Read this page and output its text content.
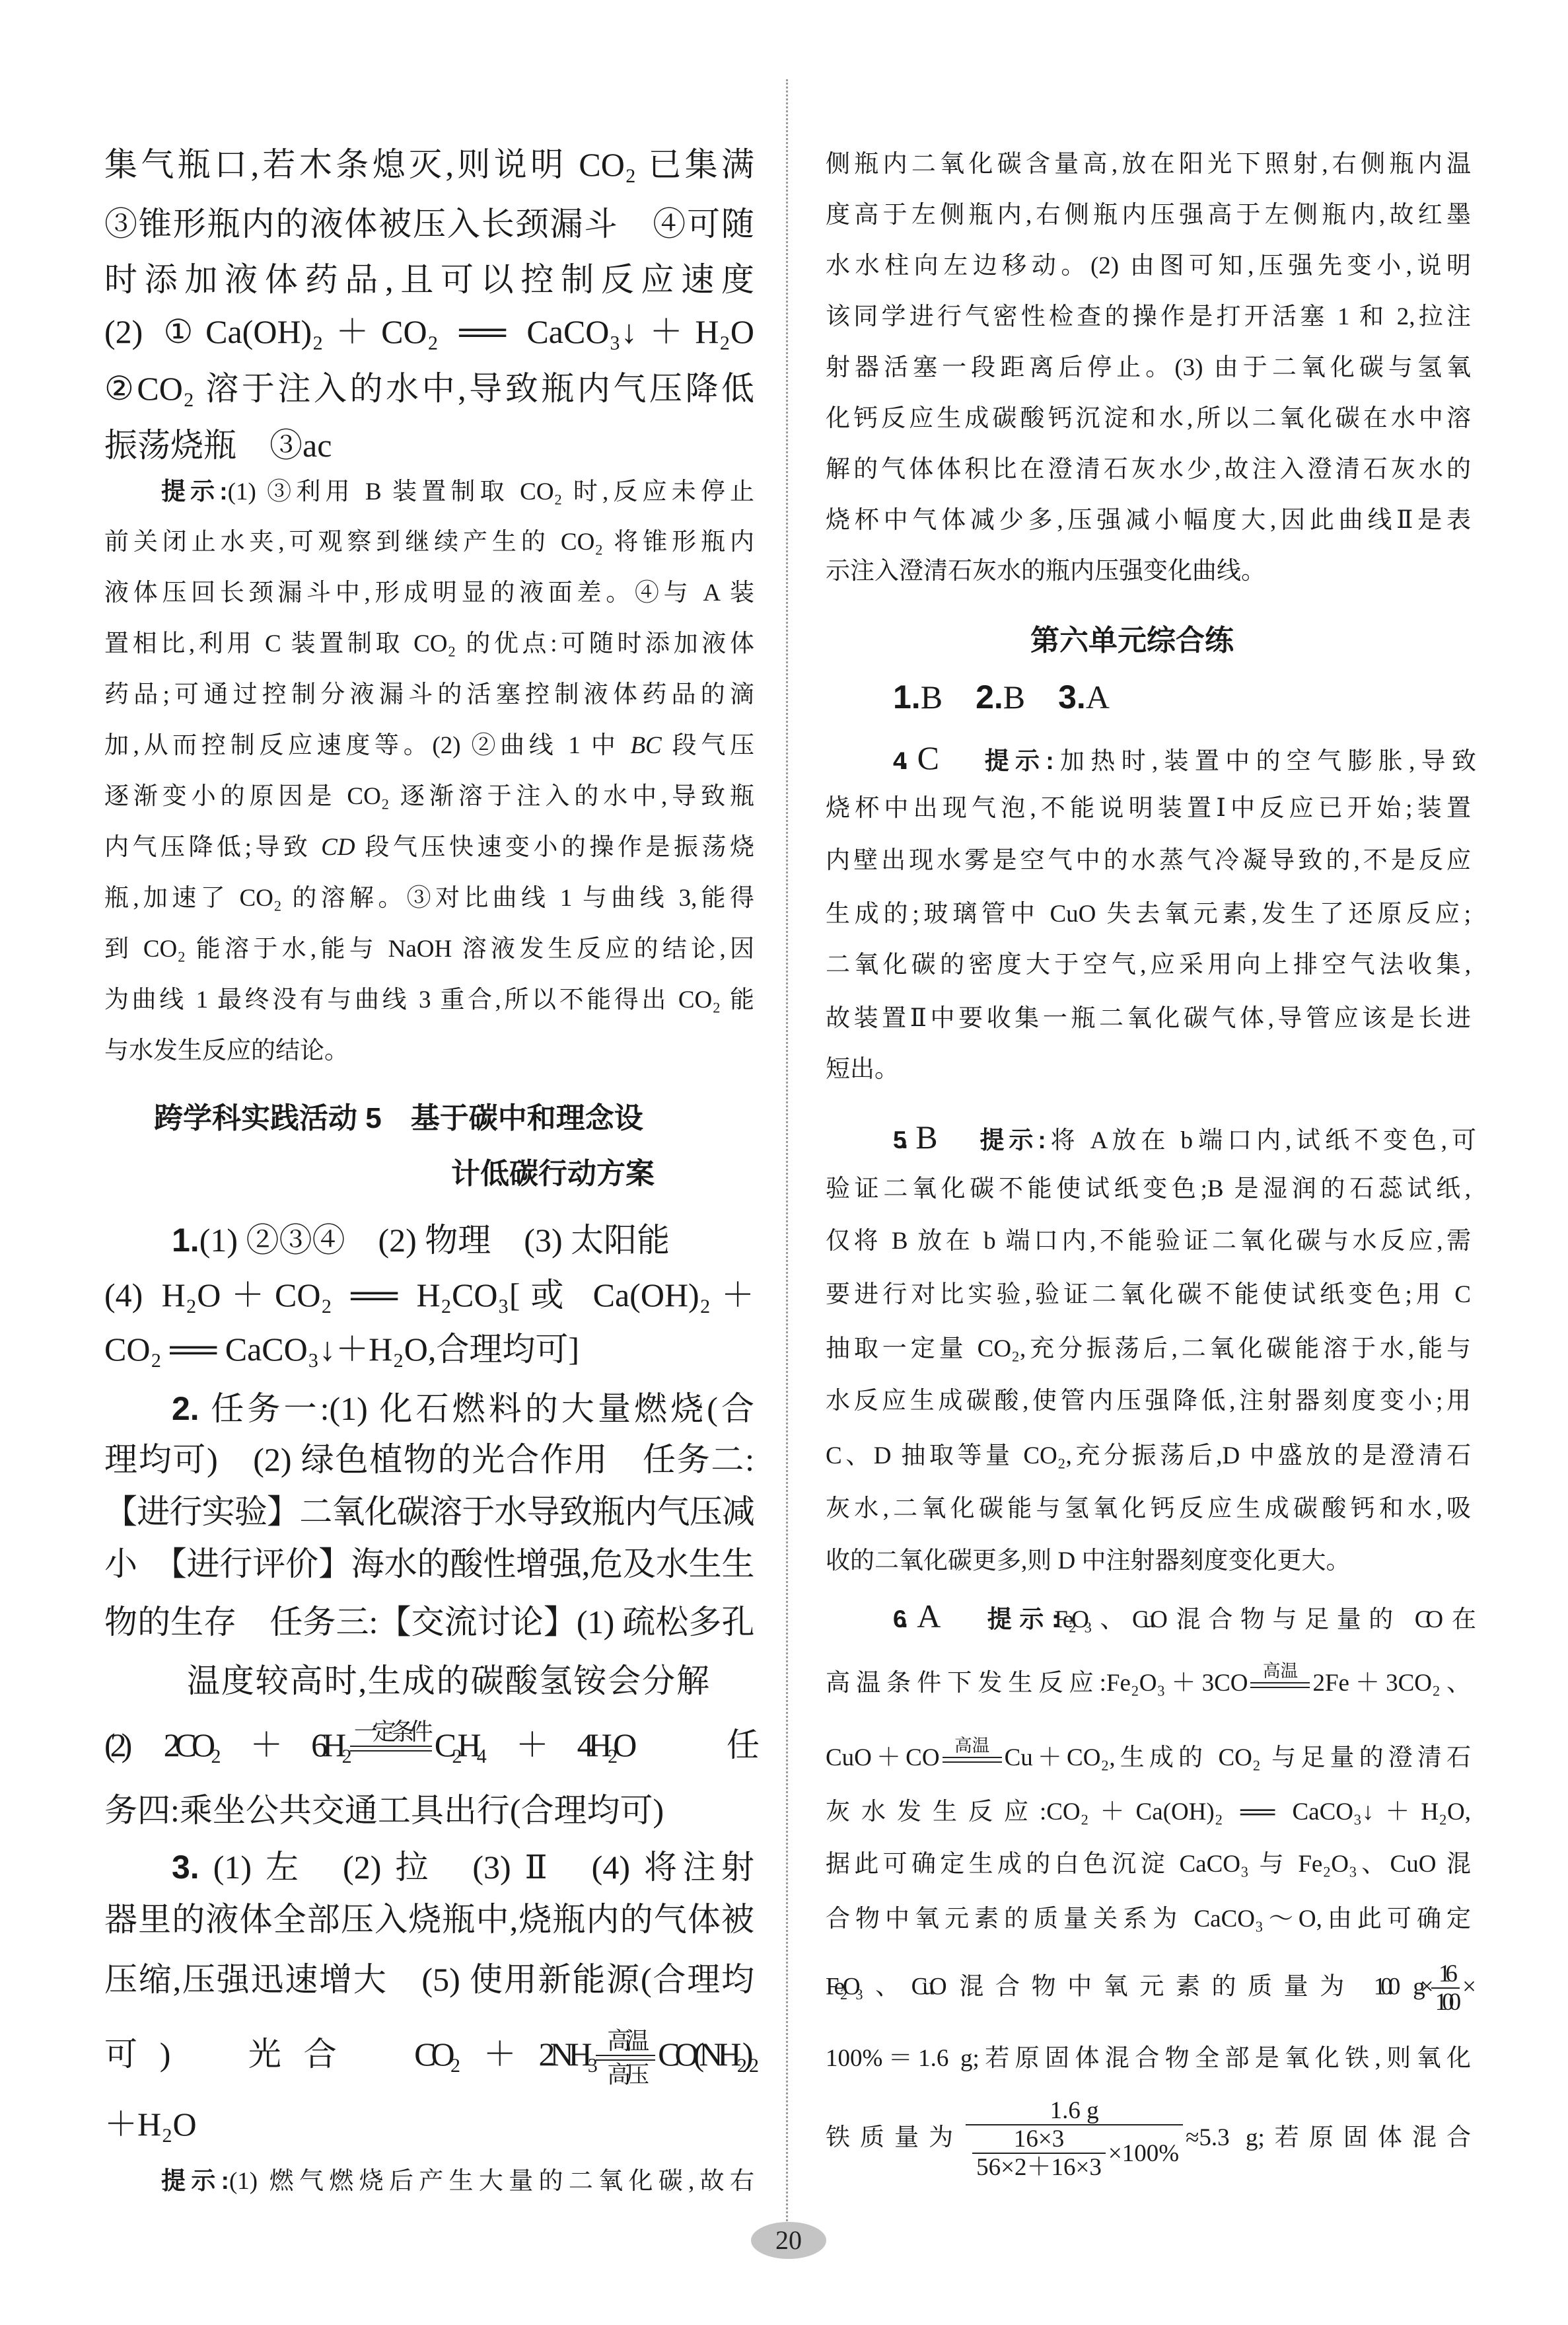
集气瓶口,若木条熄灭,则说明 CO₂ 已集满
③锥形瓶内的液体被压入长颈漏斗　④可随
时添加液体药品,且可以控制反应速度
(2) ①Ca(OH)₂＋CO₂ ══ CaCO₃↓＋H₂O
②CO₂ 溶于注入的水中,导致瓶内气压降低
振荡烧瓶　③ac
提示:(1) ③利用 B 装置制取 CO₂ 时,反应未停止
前关闭止水夹,可观察到继续产生的 CO₂ 将锥形瓶内
液体压回长颈漏斗中,形成明显的液面差。④与 A 装
置相比,利用 C 装置制取 CO₂ 的优点:可随时添加液体
药品;可通过控制分液漏斗的活塞控制液体药品的滴
加,从而控制反应速度等。(2) ②曲线 1 中 BC 段气压
逐渐变小的原因是 CO₂ 逐渐溶于注入的水中,导致瓶
内气压降低;导致 CD 段气压快速变小的操作是振荡烧
瓶,加速了 CO₂ 的溶解。③对比曲线 1 与曲线 3,能得
到 CO₂ 能溶于水,能与 NaOH 溶液发生反应的结论,因
为曲线 1 最终没有与曲线 3 重合,所以不能得出 CO₂ 能
与水发生反应的结论。
1. (1) ②③④　(2) 物理　(3) 太阳能
(4) H₂O＋CO₂ ══ H₂CO₃[或 Ca(OH)₂＋
CO₂ ══ CaCO₃↓＋H₂O,合理均可]
2. 任务一:(1) 化石燃料的大量燃烧(合
理均可)　(2) 绿色植物的光合作用　任务二:
【进行实验】二氧化碳溶于水导致瓶内气压减
小　【进行评价】海水的酸性增强,危及水生生
物的生存　任务三:【交流讨论】(1) 疏松多孔
温度较高时,生成的碳酸氢铵会分解
(2) 2CO₂＋6H₂ 一定条件
C₂H₄＋4H₂O　任
务四:乘坐公共交通工具出行(合理均可)
3. (1) 左　(2) 拉　(3) Ⅱ　(4) 将注射
器里的液体全部压入烧瓶中,烧瓶内的气体被
压缩,压强迅速增大　(5) 使用新能源(合理均
可)　光合　CO₂＋2NH₃ 高温
高压
CO(NH₂)₂
＋H₂O
提示:(1) 燃气燃烧后产生大量的二氧化碳,故右
侧瓶内二氧化碳含量高,放在阳光下照射,右侧瓶内温
度高于左侧瓶内,右侧瓶内压强高于左侧瓶内,故红墨
水水柱向左边移动。(2) 由图可知,压强先变小,说明
该同学进行气密性检查的操作是打开活塞 1 和 2,拉注
射器活塞一段距离后停止。(3) 由于二氧化碳与氢氧
化钙反应生成碳酸钙沉淀和水,所以二氧化碳在水中溶
解的气体体积比在澄清石灰水少,故注入澄清石灰水的
烧杯中气体减少多,压强减小幅度大,因此曲线Ⅱ是表
示注入澄清石灰水的瓶内压强变化曲线。
1. B　 2. B　 3. A
4. C　提示:加热时,装置中的空气膨胀,导致
烧杯中出现气泡,不能说明装置Ⅰ中反应已开始;装置
内壁出现水雾是空气中的水蒸气冷凝导致的,不是反应
生成的;玻璃管中 CuO 失去氧元素,发生了还原反应;
二氧化碳的密度大于空气,应采用向上排空气法收集,
故装置Ⅱ中要收集一瓶二氧化碳气体,导管应该是长进
短出。
5. B　提示:将 A 放在 b 端口内,试纸不变色,可
验证二氧化碳不能使试纸变色;B 是湿润的石蕊试纸,
仅将 B 放在 b 端口内,不能验证二氧化碳与水反应,需
要进行对比实验,验证二氧化碳不能使试纸变色;用 C
抽取一定量 CO₂,充分振荡后,二氧化碳能溶于水,能与
水反应生成碳酸,使管内压强降低,注射器刻度变小;用
C、D 抽取等量 CO₂,充分振荡后,D 中盛放的是澄清石
灰水,二氧化碳能与氢氧化钙反应生成碳酸钙和水,吸
收的二氧化碳更多,则 D 中注射器刻度变化更大。
6. A　提示:Fe₂O₃、CuO 混合物与足量的 CO 在
高温条件下发生反应:Fe₂O₃＋3CO 高温
2Fe＋3CO₂、
CuO＋CO 高温
Cu＋CO₂,生成的 CO₂ 与足量的澄清石
灰水发生反应:CO₂＋Ca(OH)₂ ══ CaCO₃↓＋H₂O,
据此可确定生成的白色沉淀 CaCO₃ 与 Fe₂O₃、CuO 混
合物中氧元素的质量关系为 CaCO₃～O,由此可确定
Fe₂O₃、CuO 混合物中氧元素的质量为 10.0 $g\times \frac{16}{100}$ ×
100%＝1.6 g;若原固体混合物全部是氧化铁,则氧化
铁质量为 $\frac{1.6 g}{\frac{16\times 3}{56\times 2+16\times 3} \times 100\%} \approx 5.3$ g;若原固体混合
跨学科实践活动 5　基于碳中和理念设
计低碳行动方案
第六单元综合练
20
